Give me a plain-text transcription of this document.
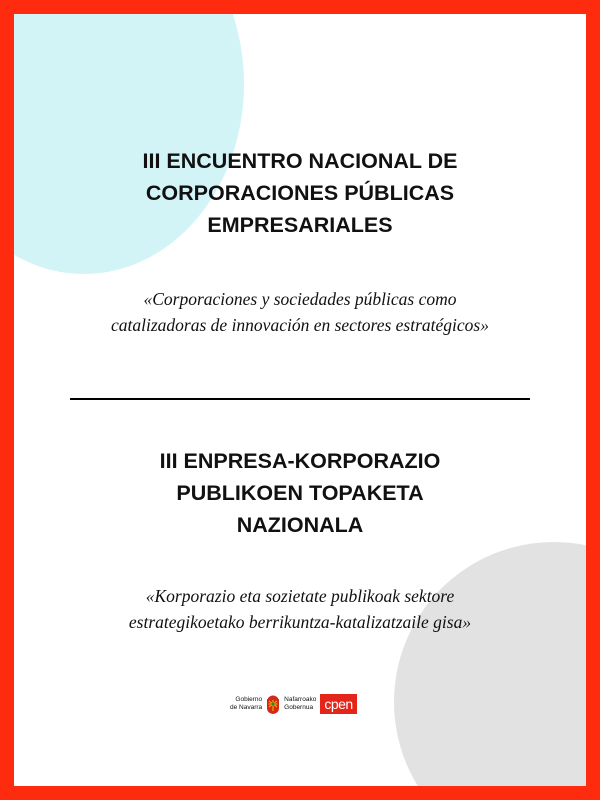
III ENCUENTRO NACIONAL DE
CORPORACIONES PÚBLICAS
EMPRESARIALES

«Corporaciones y sociedades públicas como
catalizadoras de innovación en sectores estratégicos»

III ENPRESA-KORPORAZIO
PUBLIKOEN TOPAKETA
NAZIONALA

«Korporazio eta sozietate publikoak sektore
estrategikoetako berrikuntza-katalizatzaile gisa»

Gobierno
de Navarra
Nafarroako
Gobernua cpen
